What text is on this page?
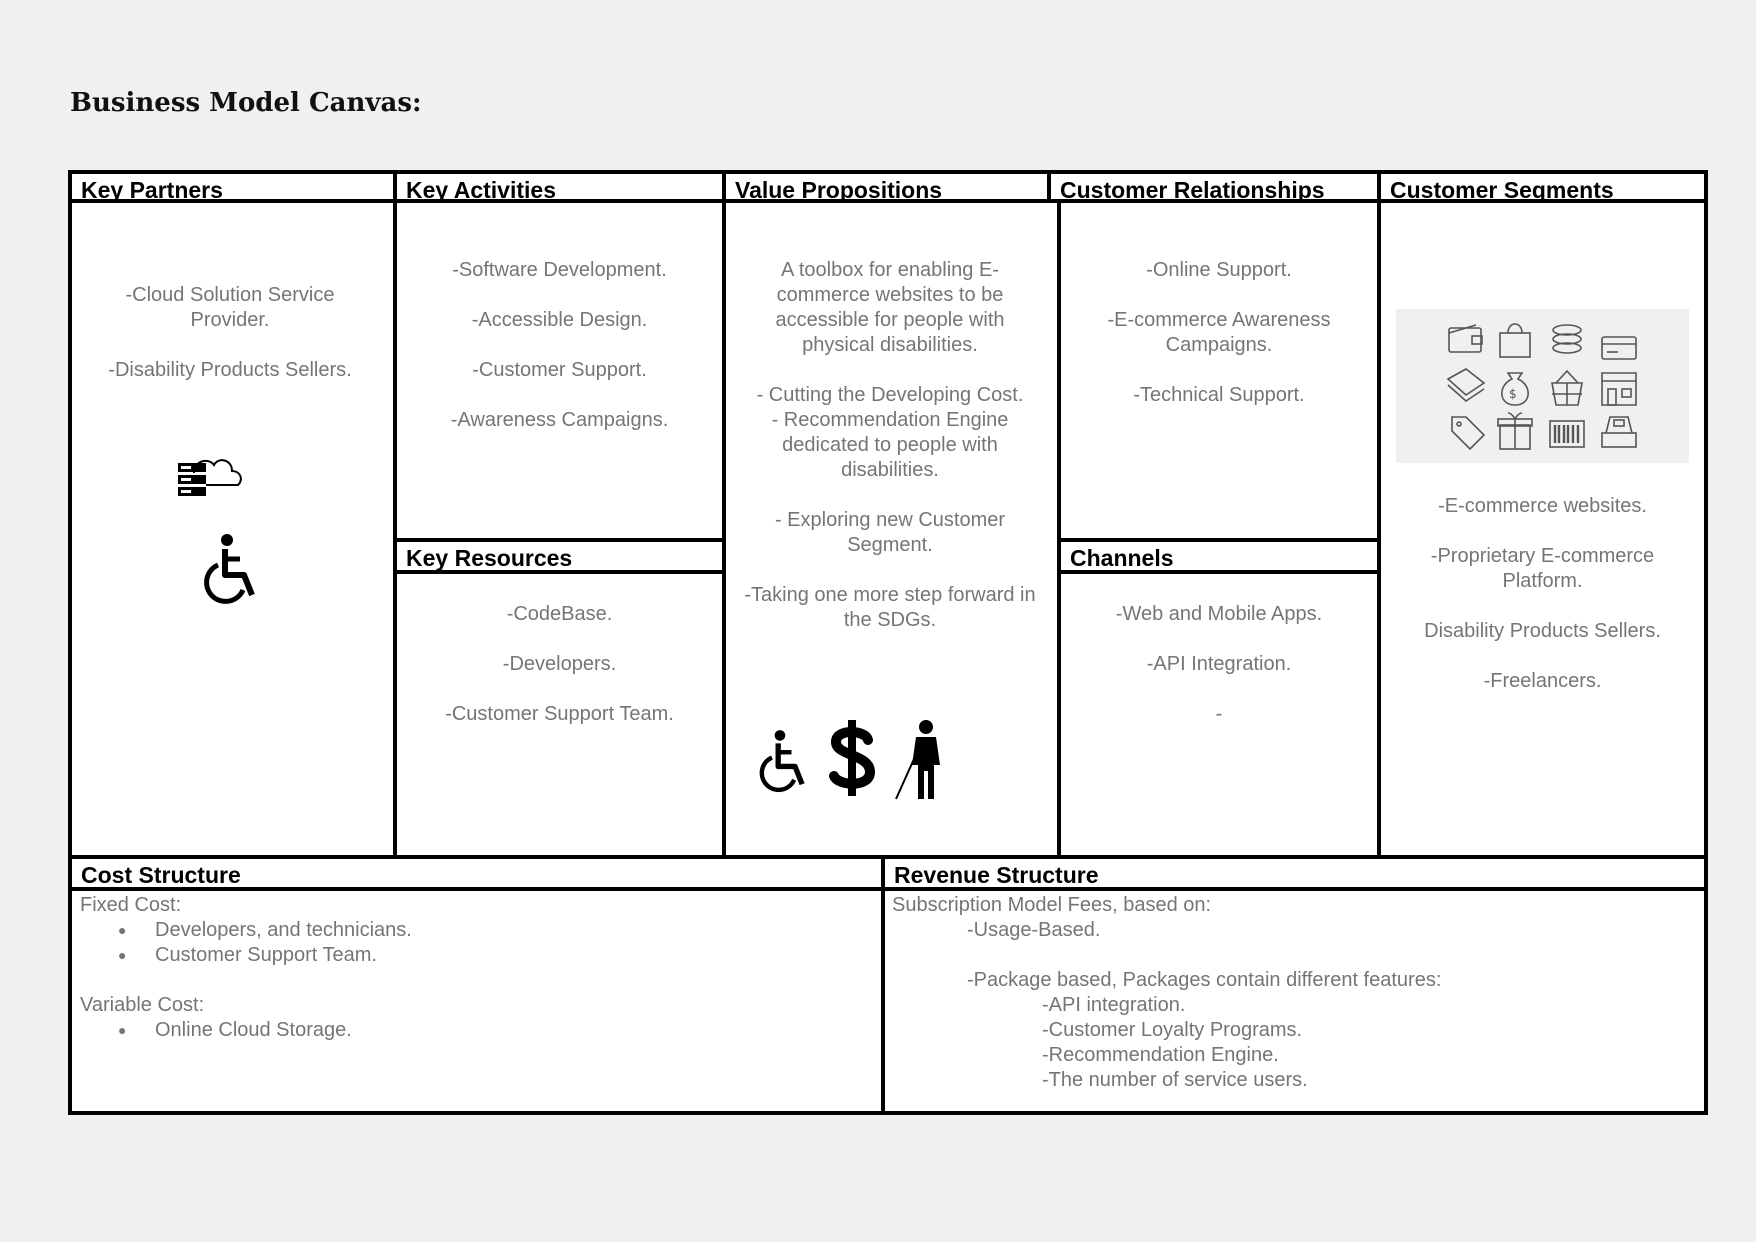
Business Model Canvas:
Key Partners

-Cloud Solution Service Provider.

-Disability Products Sellers.

Key Activities

-Software Development.

-Accessible Design.

-Customer Support.

-Awareness Campaigns.

Key Resources

-CodeBase.

-Developers.

-Customer Support Team.

Value Propositions

A toolbox for enabling E-commerce websites to be accessible for people with physical disabilities.

- Cutting the Developing Cost.

- Recommendation Engine dedicated to people with disabilities.

- Exploring new Customer Segment.

-Taking one more step forward in the SDGs.

Customer Relationships

-Online Support.

-E-commerce Awareness Campaigns.

-Technical Support.

Channels

-Web and Mobile Apps.

-API Integration.

-

Customer Segments
$

-E-commerce websites.

-Proprietary E-commerce Platform.

Disability Products Sellers.

-Freelancers.

Cost Structure
Fixed Cost:
● Developers, and technicians.
● Customer Support Team.
Variable Cost:
● Online Cloud Storage.
Revenue Structure
Subscription Model Fees, based on:
-Usage-Based.
-Package based, Packages contain different features:
-API integration.
-Customer Loyalty Programs.
-Recommendation Engine.
-The number of service users.
